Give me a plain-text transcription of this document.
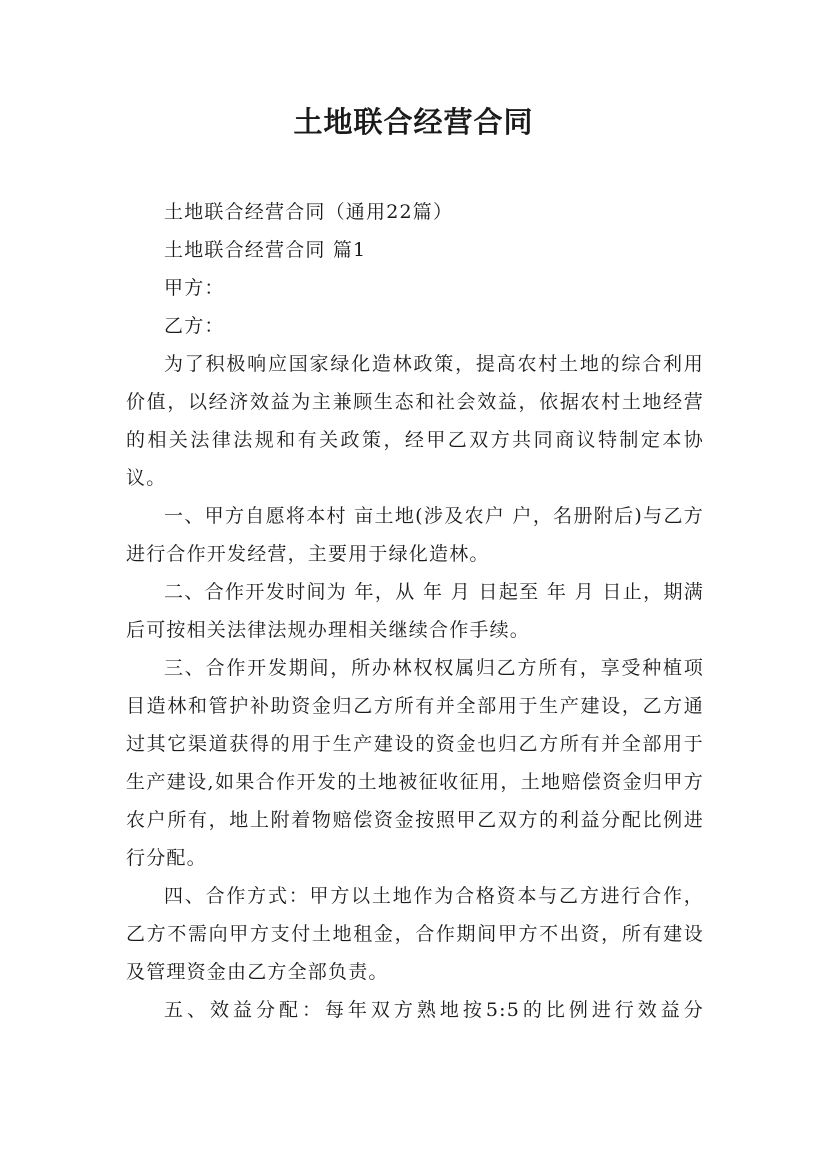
土地联合经营合同

土地联合经营合同（通用22篇）

土地联合经营合同 篇1

甲方：

乙方：

为了积极响应国家绿化造林政策，提高农村土地的综合利用价值，以经济效益为主兼顾生态和社会效益，依据农村土地经营的相关法律法规和有关政策，经甲乙双方共同商议特制定本协议。

一、甲方自愿将本村 亩土地(涉及农户 户，名册附后)与乙方进行合作开发经营，主要用于绿化造林。

二、合作开发时间为 年，从 年 月 日起至 年 月 日止，期满后可按相关法律法规办理相关继续合作手续。

三、合作开发期间，所办林权权属归乙方所有，享受种植项目造林和管护补助资金归乙方所有并全部用于生产建设，乙方通过其它渠道获得的用于生产建设的资金也归乙方所有并全部用于生产建设,如果合作开发的土地被征收征用，土地赔偿资金归甲方农户所有，地上附着物赔偿资金按照甲乙双方的利益分配比例进行分配。

四、合作方式：甲方以土地作为合格资本与乙方进行合作，乙方不需向甲方支付土地租金，合作期间甲方不出资，所有建设及管理资金由乙方全部负责。

五、效益分配：每年双方熟地按5:5的比例进行效益分
